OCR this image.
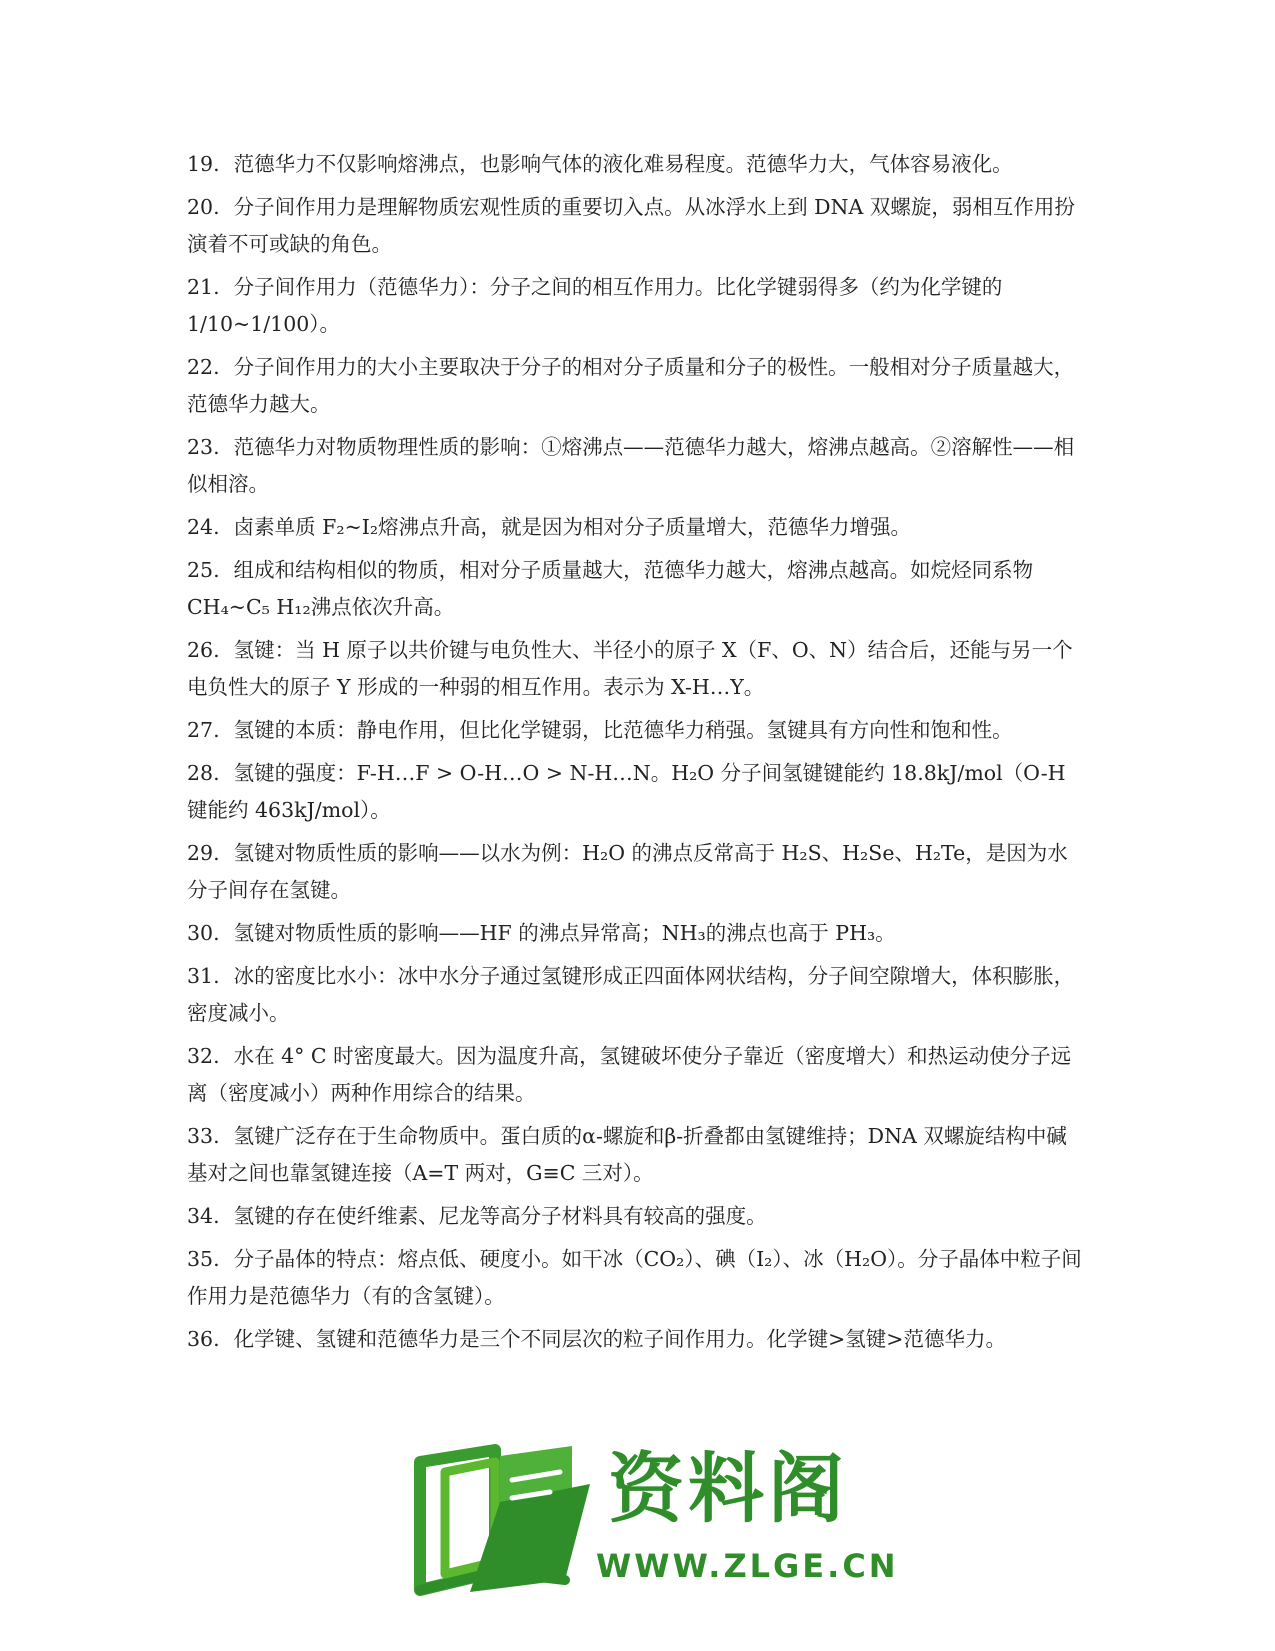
19. 范德华力不仅影响熔沸点，也影响气体的液化难易程度。范德华力大，气体容易液化。
20. 分子间作用力是理解物质宏观性质的重要切入点。从冰浮水上到 DNA 双螺旋，弱相互作用扮演着不可或缺的角色。
21. 分子间作用力（范德华力）：分子之间的相互作用力。比化学键弱得多（约为化学键的 1/10~1/100）。
22. 分子间作用力的大小主要取决于分子的相对分子质量和分子的极性。一般相对分子质量越大，范德华力越大。
23. 范德华力对物质物理性质的影响：①熔沸点——范德华力越大，熔沸点越高。②溶解性——相似相溶。
24. 卤素单质 F₂~I₂熔沸点升高，就是因为相对分子质量增大，范德华力增强。
25. 组成和结构相似的物质，相对分子质量越大，范德华力越大，熔沸点越高。如烷烃同系物 CH₄~C₅ H₁₂沸点依次升高。
26. 氢键：当 H 原子以共价键与电负性大、半径小的原子 X（F、O、N）结合后，还能与另一个电负性大的原子 Y 形成的一种弱的相互作用。表示为 X-H…Y。
27. 氢键的本质：静电作用，但比化学键弱，比范德华力稍强。氢键具有方向性和饱和性。
28. 氢键的强度：F-H…F > O-H…O > N-H…N。H₂O 分子间氢键键能约 18.8kJ/mol（O-H 键能约 463kJ/mol）。
29. 氢键对物质性质的影响——以水为例：H₂O 的沸点反常高于 H₂S、H₂Se、H₂Te，是因为水分子间存在氢键。
30. 氢键对物质性质的影响——HF 的沸点异常高；NH₃的沸点也高于 PH₃。
31. 冰的密度比水小：冰中水分子通过氢键形成正四面体网状结构，分子间空隙增大，体积膨胀，密度减小。
32. 水在 4° C 时密度最大。因为温度升高，氢键破坏使分子靠近（密度增大）和热运动使分子远离（密度减小）两种作用综合的结果。
33. 氢键广泛存在于生命物质中。蛋白质的α-螺旋和β-折叠都由氢键维持；DNA 双螺旋结构中碱基对之间也靠氢键连接（A=T 两对，G≡C 三对）。
34. 氢键的存在使纤维素、尼龙等高分子材料具有较高的强度。
35. 分子晶体的特点：熔点低、硬度小。如干冰（CO₂）、碘（I₂）、冰（H₂O）。分子晶体中粒子间作用力是范德华力（有的含氢键）。
36. 化学键、氢键和范德华力是三个不同层次的粒子间作用力。化学键>氢键>范德华力。
资料阁
WWW.ZLGE.CN
